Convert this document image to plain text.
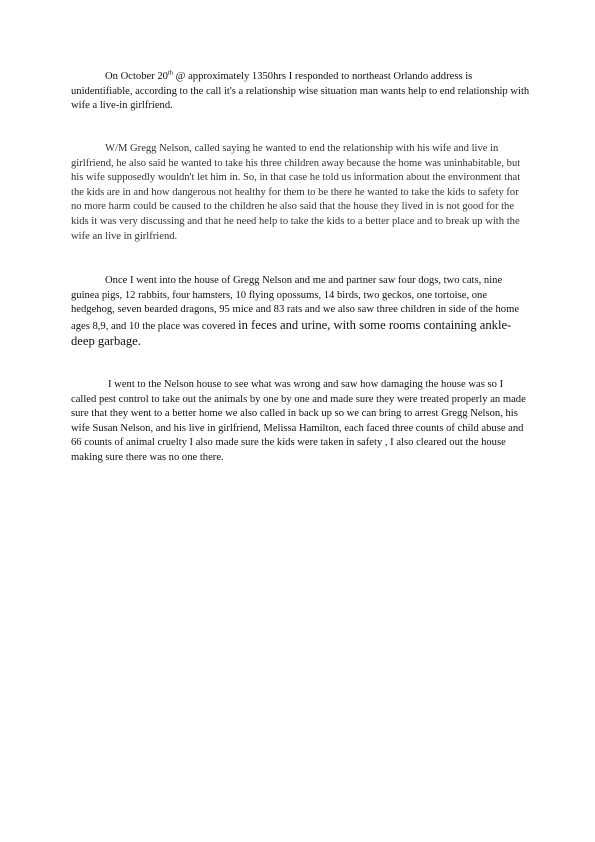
On October 20th @ approximately 1350hrs I responded to northeast Orlando address is unidentifiable, according to the call it's a relationship wise situation man wants help to end relationship with wife a live-in girlfriend.

W/M Gregg Nelson, called saying he wanted to end the relationship with his wife and live in girlfriend, he also said he wanted to take his three children away because the home was uninhabitable, but his wife supposedly wouldn't let him in. So, in that case he told us information about the environment that the kids are in and how dangerous not healthy for them to be there he wanted to take the kids to safety for no more harm could be caused to the children he also said that the house they lived in is not good for the kids it was very discussing and that he need help to take the kids to a better place and to break up with the wife an live in girlfriend.

Once I went into the house of Gregg Nelson and me and partner saw four dogs, two cats, nine guinea pigs, 12 rabbits, four hamsters, 10 flying opossums, 14 birds, two geckos, one tortoise, one hedgehog, seven bearded dragons, 95 mice and 83 rats and we also saw three children in side of the home ages 8,9, and 10 the place was covered in feces and urine, with some rooms containing ankle-deep garbage.

I went to the Nelson house to see what was wrong and saw how damaging the house was so I called pest control to take out the animals by one by one and made sure they were treated properly an made sure that they went to a better home we also called in back up so we can bring to arrest Gregg Nelson, his wife Susan Nelson, and his live in girlfriend, Melissa Hamilton, each faced three counts of child abuse and 66 counts of animal cruelty I also made sure the kids were taken in safety , I also cleared out the house making sure there was no one there.
